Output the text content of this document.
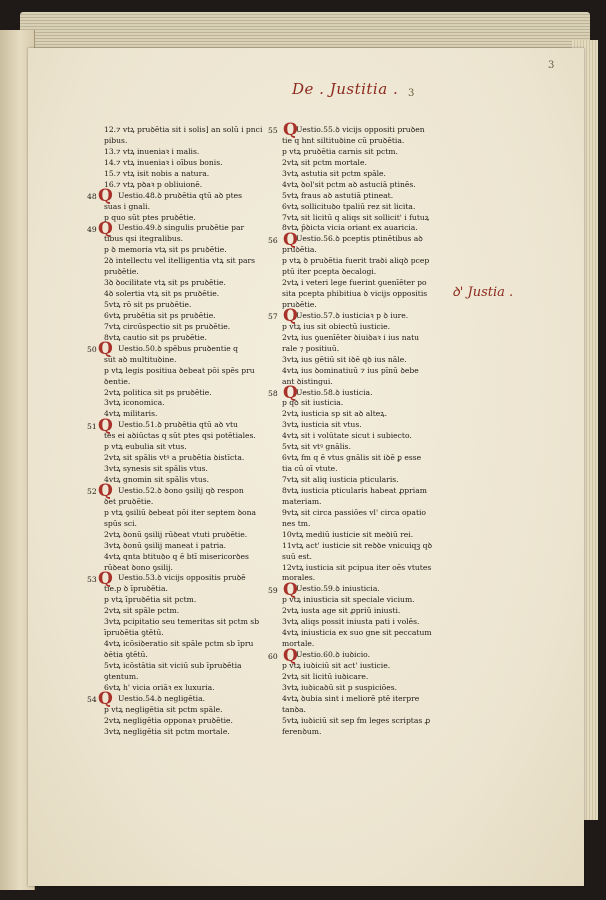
3
3
De . Justitia .
ꝺ' Justia .
12.⁊ vtꝝ pruꝺētia sit i solis] an solū i pnci
pibus.
13.⁊ vtꝝ inueniaꝛ i malis.
14.⁊ vtꝝ inueniaꝛ i oībus bonis.
15.⁊ vtꝝ isit nobis a natura.
16.⁊ vtꝝ pꝺaꝛ p obliuionē.
Uestio.48.ꝺ pruꝺētia qtū aꝺ ptes
suas i gnali.
p quo sūt ptes pruꝺētie.
Uestio.49.ꝺ singulis pruꝺētie par
tibus qsi itegralibus.
p ꝺ memoria vtꝝ sit ps pruꝺētie.
2ꝺ intellectu vel itelligentia vtꝝ sit pars
pruꝺētie.
3ꝺ ꝺocilitate vtꝝ sit ps pruꝺētie.
4ꝺ solertia vtꝝ sit ps pruꝺētie.
5vtꝝ rō sit ps pruꝺētie.
6vtꝝ pruꝺētia sit ps pruꝺētie.
7vtꝝ circūspectio sit ps pruꝺētie.
8vtꝝ cautio sit ps pruꝺētie.
Uestio.50.ꝺ spēbus pruꝺentie q
sūt aꝺ multituꝺine.
p vtꝝ legis positiua ꝺebeat pōi spēs pru
ꝺentie.
2vtꝝ politica sit ps pruꝺētie.
3vtꝝ iconomica.
4vtꝝ militaris.
Uestio.51.ꝺ pruꝺētia qtū aꝺ vtu
tes ei aꝺiūctas q sūt ptes qsi potētiales.
p vtꝝ eubulia sit vtus.
2vtꝝ sit spālis vtꝰ a pruꝺētia ꝺistīcta.
3vtꝝ synesis sit spālis vtus.
4vtꝝ gnomin sit spālis vtus.
Uestio.52.ꝺ ꝺono ꝯsilij qꝺ respon
ꝺet pruꝺētie.
p vtꝝ ꝯsiliū ꝺebeat pōi iter septem ꝺona
spūs sci.
2vtꝝ ꝺonū ꝯsilij rūꝺeat vtuti pruꝺētie.
3vtꝝ ꝺonū ꝯsilij maneat i patria.
4vtꝝ qnta btituꝺo q ē btī misericorꝺes
rūꝺeat ꝺono ꝯsilij.
Uestio.53.ꝺ vicijs oppositis pruꝺē
tie.p ꝺ īpruꝺētia.
p vtꝝ īpruꝺētia sit pctm.
2vtꝝ sit spāle pctm.
3vtꝝ pcipitatio seu temeritas sit pctm sb
īpruꝺētia ꝯtētū.
4vtꝝ icōsiꝺeratio sit spāle pctm sb īpru
ꝺētia ꝯtētū.
5vtꝝ icōstātia sit viciū sub īpruꝺētia
ꝯtentum.
6vtꝝ h' vicia oriāꝛ ex luxuria.
Uestio.54.ꝺ negligētia.
p vtꝝ negligētia sit pctm spāle.
2vtꝝ negligētia opponaꝛ pruꝺētie.
3vtꝝ negligētia sit pctm mortale.
Uestio.55.ꝺ vicijs oppositi pruꝺen
tie q hnt siltituꝺine cū pruꝺētia.
p vtꝝ pruꝺētia carnis sit pctm.
2vtꝝ sit pctm mortale.
3vtꝝ astutia sit pctm spāle.
4vtꝝ ꝺol'sit pctm aꝺ astuciā ptinēs.
5vtꝝ fraus aꝺ astutiā ptineat.
6vtꝝ sollicituꝺo tpaliū rez sit licita.
7vtꝝ sit licitū q aliqs sit sollicit' i futuꝝ
8vtꝝ p̄ꝺicta vicia oriant ex auaricia.
Uestio.56.ꝺ pceptis ptinētibus aꝺ
pruꝺētia.
p vtꝝ ꝺ pruꝺētia fuerit traꝺi aliqꝺ pcep
ptū iter pcepta ꝺecalogi.
2vtꝝ i veteri lege fuerint ꝯuenīēter po
sita pcepta phibitiua ꝺ vicijs oppositis
pruꝺētie.
Uestio.57.ꝺ iusticiaꝛ p ꝺ iure.
p vtꝝ ius sit obiectū iusticie.
2vtꝝ ius ꝯuenīēter ꝺiuiꝺaꝛ i ius natu
rale ⁊ positiuū.
3vtꝝ ius gētiū sit iꝺē qꝺ ius nāle.
4vtꝝ ius ꝺominatiuū ⁊ ius pīnū ꝺebe
ant ꝺistingui.
Uestio.58.ꝺ iusticia.
p qꝺ sit iusticia.
2vtꝝ iusticia sp sit aꝺ alteꝝ.
3vtꝝ iusticia sit vtus.
4vtꝝ sit i volūtate sicut i subiecto.
5vtꝝ sit vtꝰ gnālis.
6vtꝝ fm q ē vtus gnālis sit iꝺē ꝑ esse
tia cū oī vtute.
7vtꝝ sit aliq iusticia pticularis.
8vtꝝ iusticia pticularis habeat ꝓpriam
materiam.
9vtꝝ sit circa passiōes vl' circa opatio
nes tm.
10vtꝝ mediū iusticie sit meꝺiū rei.
11vtꝝ act' iusticie sit reꝺꝺe vnicuiqꝫ qꝺ
suū est.
12vtꝝ iusticia sit pcipua iter oēs vtutes
morales.
Uestio.59.ꝺ iniusticia.
p vtꝝ iniusticia sit speciale vicium.
2vtꝝ iusta age sit ꝓpriū iniusti.
3vtꝝ aliqs possit iniusta pati i volēs.
4vtꝝ iniusticia ex suo gne sit peccatum
mortale.
Uestio.60.ꝺ iuꝺicio.
p vtꝝ iuꝺiciū sit act' iusticie.
2vtꝝ sit licitū iuꝺicare.
3vtꝝ iuꝺicaꝺū sit p suspiciōes.
4vtꝝ ꝺubia sint i meliorē ptē iterpre
tanꝺa.
5vtꝝ iuꝺiciū sit sep fm leges scriptas ꝓ
ferenꝺum.
48 Q
49 Q
50 Q
51 Q
52 Q
53 Q
54 Q
55 Q
56 Q
57 Q
58 Q
59 Q
60 Q
